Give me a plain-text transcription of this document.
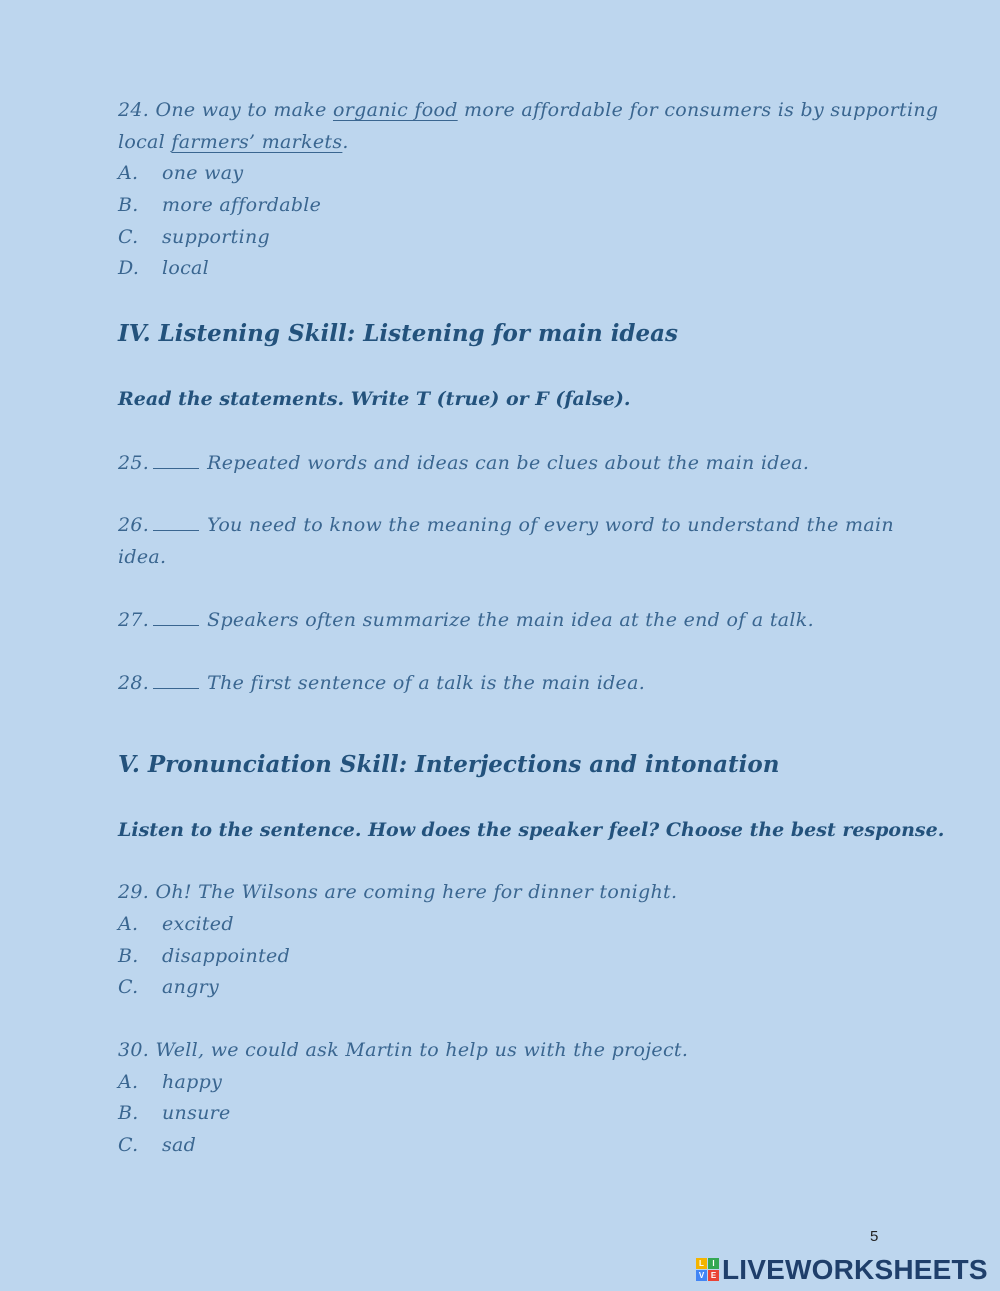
24. One way to make organic food more affordable for consumers is by supporting
local farmers’ markets.
A. one way
B. more affordable
C. supporting
D. local
IV. Listening Skill: Listening for main ideas
Read the statements. Write T (true) or F (false).
25.	Repeated words and ideas can be clues about the main idea.
26.	You need to know the meaning of every word to understand the main
idea.
27.	Speakers often summarize the main idea at the end of a talk.
28.	The first sentence of a talk is the main idea.
V. Pronunciation Skill: Interjections and intonation
Listen to the sentence. How does the speaker feel? Choose the best response.
29. Oh! The Wilsons are coming here for dinner tonight.
A. excited
B. disappointed
C. angry
30. Well, we could ask Martin to help us with the project.
A. happy
B. unsure
C. sad
5
L	I
V E LIVEWORKSHEETS
